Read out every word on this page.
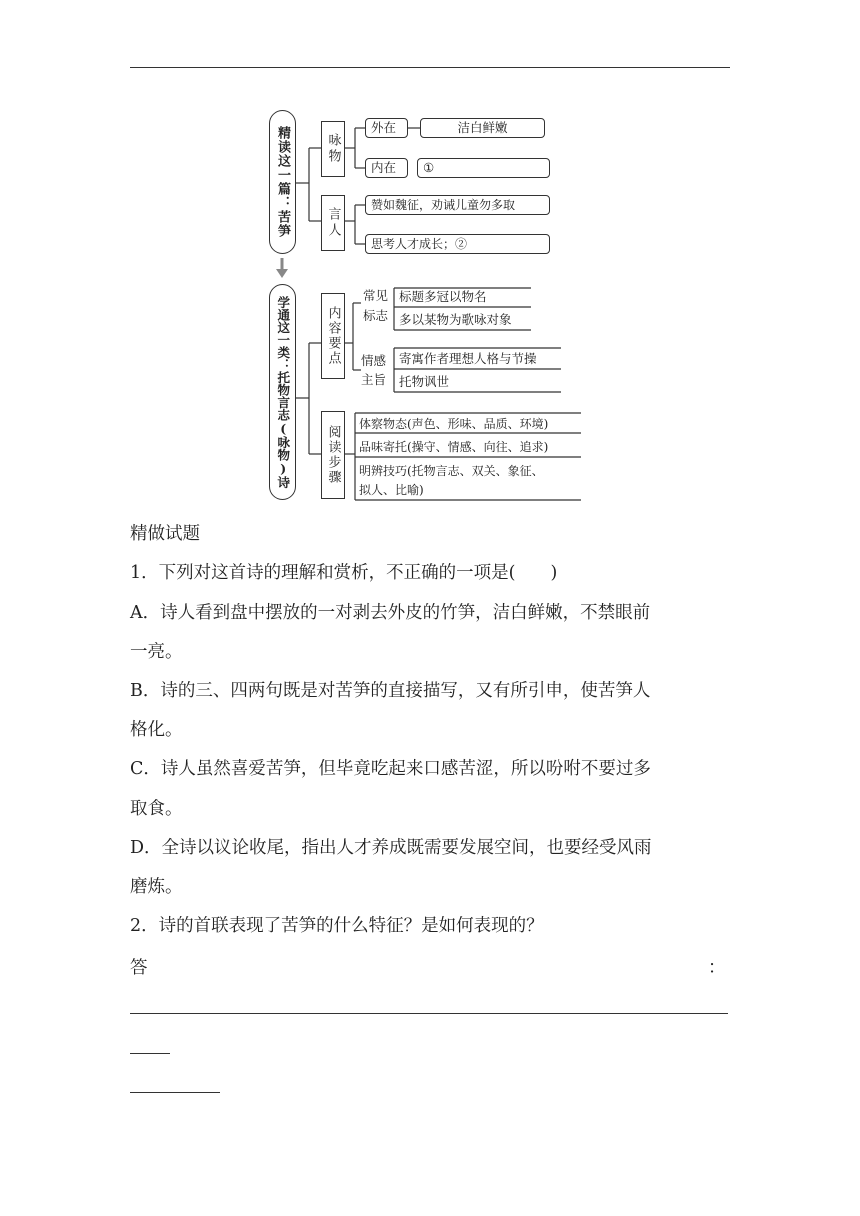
精读这一篇：苦笋
学通这一类：托物言志(咏物)诗
咏物
言人
内容要点
阅读步骤
外在	洁白鲜嫩
内在	①
赞如魏征，劝诫儿童勿多取
思考人才成长；②
常见
标志
标题多冠以物名
多以某物为歌咏对象
情感
主旨
寄寓作者理想人格与节操
托物讽世
体察物态(声色、形味、品质、环境)
品味寄托(操守、情感、向往、追求)
明辨技巧(托物言志、双关、象征、
拟人、比喻)
精做试题
1．下列对这首诗的理解和赏析，不正确的一项是(　　)
A．诗人看到盘中摆放的一对剥去外皮的竹笋，洁白鲜嫩，不禁眼前
一亮。
B．诗的三、四两句既是对苦笋的直接描写，又有所引申，使苦笋人
格化。
C．诗人虽然喜爱苦笋，但毕竟吃起来口感苦涩，所以吩咐不要过多
取食。
D．全诗以议论收尾，指出人才养成既需要发展空间，也要经受风雨
磨炼。
2．诗的首联表现了苦笋的什么特征？是如何表现的？
答	：
